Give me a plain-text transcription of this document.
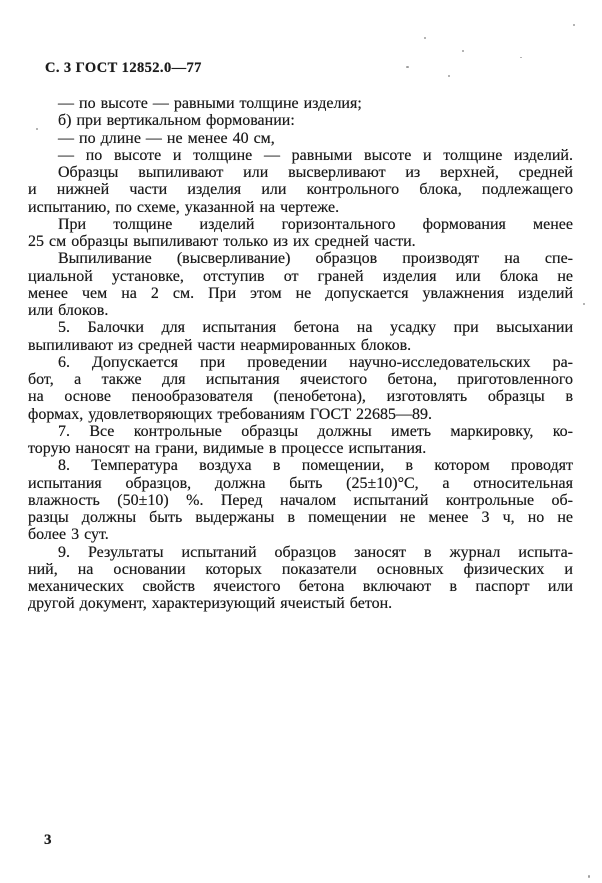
С. 3 ГОСТ 12852.0—77
— по высоте — равными толщине изделия;
б) при вертикальном формовании:
— по длине — не менее 40 см,
— по высоте и толщине — равными высоте и толщине изделий.
Образцы выпиливают или высверливают из верхней, средней
и нижней части изделия или контрольного блока, подлежащего
испытанию, по схеме, указанной на чертеже.
При толщине изделий горизонтального формования менее
25 см образцы выпиливают только из их средней части.
Выпиливание (высверливание) образцов производят на спе-
циальной установке, отступив от граней изделия или блока не
менее чем на 2 см. При этом не допускается увлажнения изделий
или блоков.
5. Балочки для испытания бетона на усадку при высыхании
выпиливают из средней части неармированных блоков.
6. Допускается при проведении научно-исследовательских ра-
бот, а также для испытания ячеистого бетона, приготовленного
на основе пенообразователя (пенобетона), изготовлять образцы в
формах, удовлетворяющих требованиям ГОСТ 22685—89.
7. Все контрольные образцы должны иметь маркировку, ко-
торую наносят на грани, видимые в процессе испытания.
8. Температура воздуха в помещении, в котором проводят
испытания образцов, должна быть (25±10)°С, а относительная
влажность (50±10) %. Перед началом испытаний контрольные об-
разцы должны быть выдержаны в помещении не менее 3 ч, но не
более 3 сут.
9. Результаты испытаний образцов заносят в журнал испыта-
ний, на основании которых показатели основных физических и
механических свойств ячеистого бетона включают в паспорт или
другой документ, характеризующий ячеистый бетон.
3
